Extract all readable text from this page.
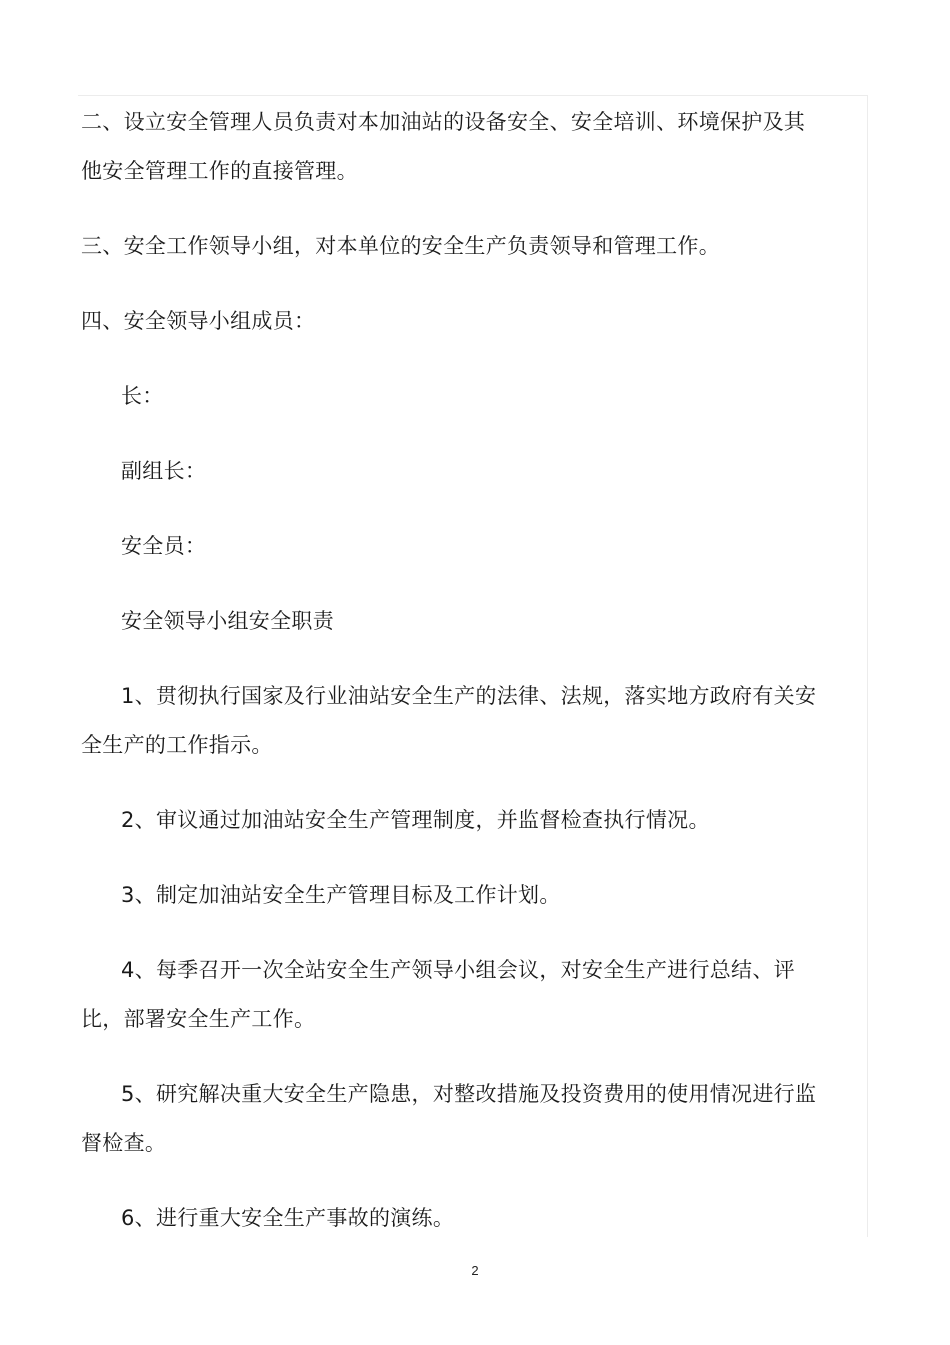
二、设立安全管理人员负责对本加油站的设备安全、安全培训、环境保护及其他安全管理工作的直接管理。

三、安全工作领导小组，对本单位的安全生产负责领导和管理工作。

四、安全领导小组成员：

长：

副组长：

安全员：

安全领导小组安全职责

1、贯彻执行国家及行业油站安全生产的法律、法规，落实地方政府有关安全生产的工作指示。

2、审议通过加油站安全生产管理制度，并监督检查执行情况。

3、制定加油站安全生产管理目标及工作计划。

4、每季召开一次全站安全生产领导小组会议，对安全生产进行总结、评比，部署安全生产工作。

5、研究解决重大安全生产隐患，对整改措施及投资费用的使用情况进行监督检查。

6、进行重大安全生产事故的演练。

2
